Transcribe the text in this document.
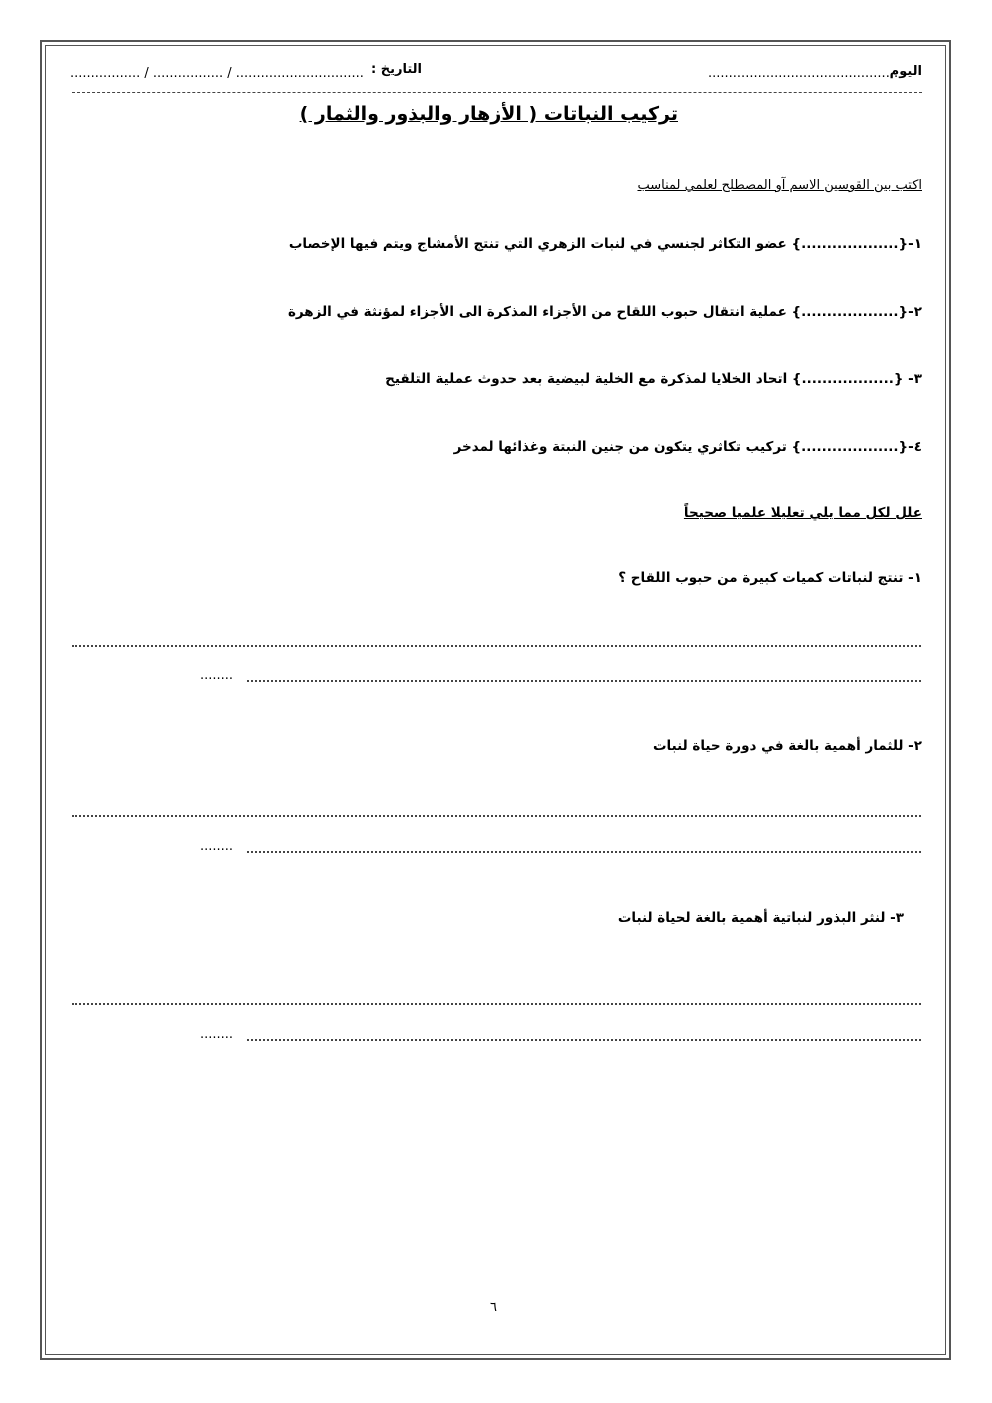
اليوم
..............................................
التاريخ :
................. / ................. / ...............................
تركيب النباتات ( الأزهار والبذور والثمار )
اكتب بين القوسين الاسم آو المصطلح لعلمي لمناسب
١-{...................} عضو التكاثر لجنسي في لنبات الزهري التي تنتج الأمشاج ويتم فيها الإخصاب
٢-{...................} عملية انتقال حبوب اللقاح من الأجزاء المذكرة الى الأجزاء لمؤنثة في الزهرة
٣- {..................} اتحاد الخلايا لمذكرة مع الخلية لبيضية بعد حدوث عملية التلقيح
٤-{...................} تركيب تكاثري يتكون من جنين النبتة وغذائها لمدخر
علل لكل مما يلي تعليلا علميا صحيحاً
١- تنتج لنباتات كميات كبيرة من حبوب اللقاح ؟
........
٢- للثمار أهمية بالغة في دورة حياة لنبات
........
٣- لنثر البذور لنباتية أهمية بالغة لحياة لنبات
........
٦
